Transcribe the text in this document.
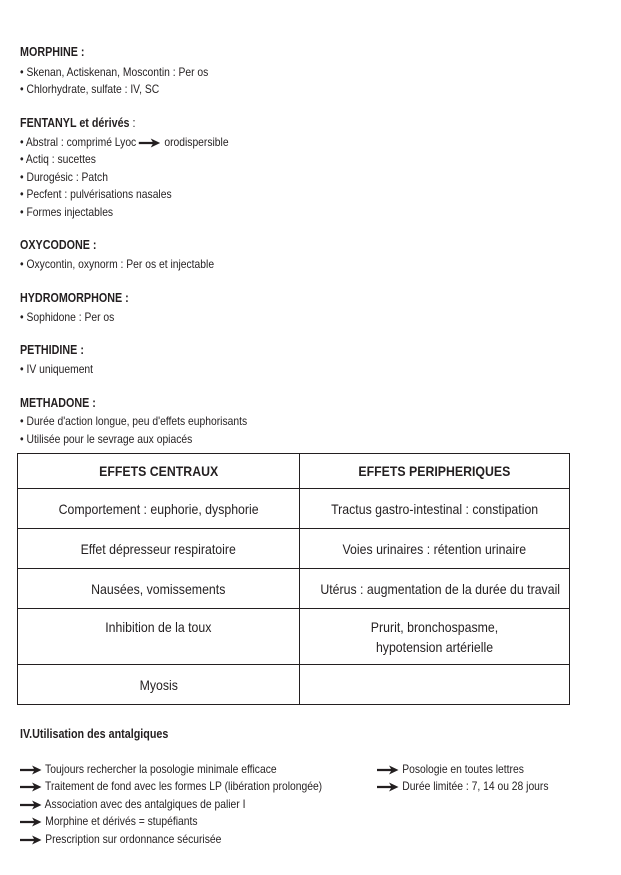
MORPHINE :
• Skenan, Actiskenan, Moscontin : Per os
• Chlorhydrate, sulfate : IV, SC
FENTANYL et dérivés :
• Abstral : comprimé Lyoc orodispersible
• Actiq : sucettes
• Durogésic : Patch
• Pecfent : pulvérisations nasales
• Formes injectables
OXYCODONE :
• Oxycontin, oxynorm : Per os et injectable
HYDROMORPHONE :
• Sophidone : Per os
PETHIDINE :
• IV uniquement
METHADONE :
• Durée d'action longue, peu d'effets euphorisants
• Utilisée pour le sevrage aux opiacés
EFFETS CENTRAUX	EFFETS PERIPHERIQUES
Comportement : euphorie, dysphorie	Tractus gastro-intestinal : constipation
Effet dépresseur respiratoire	Voies urinaires : rétention urinaire
Nausées, vomissements	Utérus : augmentation de la durée du travail
Inhibition de la toux	Prurit, bronchospasme, hypotension artérielle
Myosis	
IV.Utilisation des antalgiques
Toujours rechercher la posologie minimale efficace
Traitement de fond avec les formes LP (libération prolongée)
Association avec des antalgiques de palier I
Morphine et dérivés = stupéfiants
Prescription sur ordonnance sécurisée
Posologie en toutes lettres
Durée limitée : 7, 14 ou 28 jours
